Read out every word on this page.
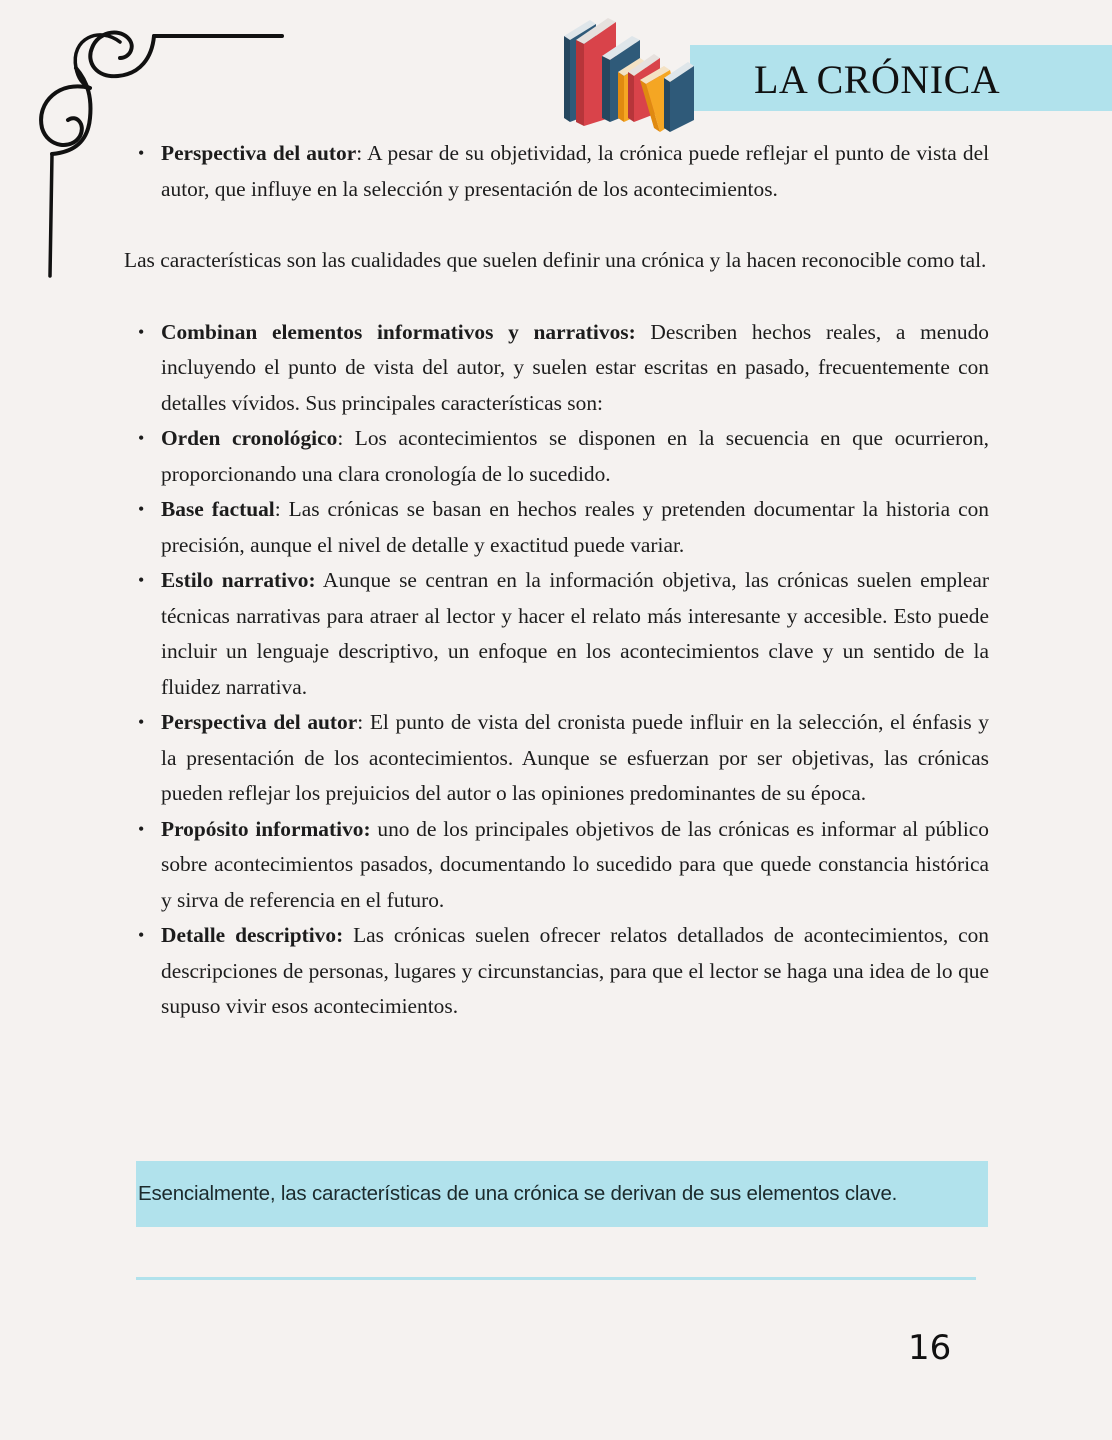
LA CRÓNICA
• Perspectiva del autor: A pesar de su objetividad, la crónica puede reflejar el punto de vista del autor, que influye en la selección y presentación de los acontecimientos.

Las características son las cualidades que suelen definir una crónica y la hacen reconocible como tal.

• Combinan elementos informativos y narrativos: Describen hechos reales, a menudo incluyendo el punto de vista del autor, y suelen estar escritas en pasado, frecuentemente con detalles vívidos. Sus principales características son:
• Orden cronológico: Los acontecimientos se disponen en la secuencia en que ocurrieron, proporcionando una clara cronología de lo sucedido.
• Base factual: Las crónicas se basan en hechos reales y pretenden documentar la historia con precisión, aunque el nivel de detalle y exactitud puede variar.
• Estilo narrativo: Aunque se centran en la información objetiva, las crónicas suelen emplear técnicas narrativas para atraer al lector y hacer el relato más interesante y accesible. Esto puede incluir un lenguaje descriptivo, un enfoque en los acontecimientos clave y un sentido de la fluidez narrativa.
• Perspectiva del autor: El punto de vista del cronista puede influir en la selección, el énfasis y la presentación de los acontecimientos. Aunque se esfuerzan por ser objetivas, las crónicas pueden reflejar los prejuicios del autor o las opiniones predominantes de su época.
• Propósito informativo: uno de los principales objetivos de las crónicas es informar al público sobre acontecimientos pasados, documentando lo sucedido para que quede constancia histórica y sirva de referencia en el futuro.
• Detalle descriptivo: Las crónicas suelen ofrecer relatos detallados de acontecimientos, con descripciones de personas, lugares y circunstancias, para que el lector se haga una idea de lo que supuso vivir esos acontecimientos.
Esencialmente, las características de una crónica se derivan de sus elementos clave.
16
